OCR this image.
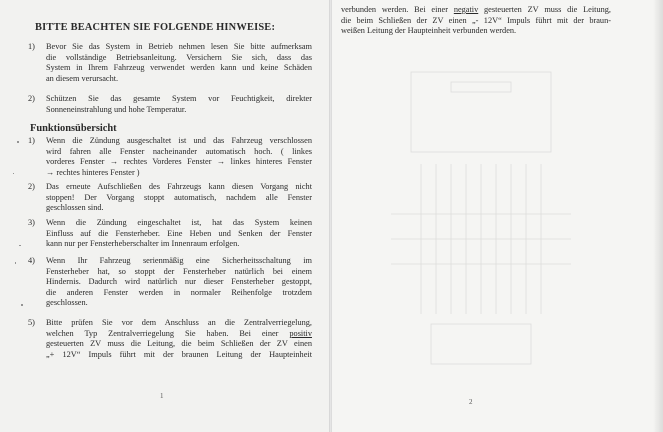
BITTE BEACHTEN SIE FOLGENDE HINWEISE:
1) Bevor Sie das System in Betrieb nehmen lesen Sie bitte aufmerksam
die vollständige Betriebsanleitung. Versichern Sie sich, dass das
System in Ihrem Fahrzeug verwendet werden kann und keine Schäden
an diesem verursacht.
2) Schützen Sie das gesamte System vor Feuchtigkeit, direkter
Sonneneinstrahlung und hohe Temperatur.
Funktionsübersicht
1) Wenn die Zündung ausgeschaltet ist und das Fahrzeug verschlossen
wird fahren alle Fenster nacheinander automatisch hoch. ( linkes
vorderes Fenster → rechtes Vorderes Fenster → linkes hinteres Fenster
→ rechtes hinteres Fenster )
2) Das erneute Aufschließen des Fahrzeugs kann diesen Vorgang nicht
stoppen! Der Vorgang stoppt automatisch, nachdem alle Fenster
geschlossen sind.
3) Wenn die Zündung eingeschaltet ist, hat das System keinen
Einfluss auf die Fensterheber. Eine Heben und Senken der Fenster
kann nur per Fensterheberschalter im Innenraum erfolgen.
4) Wenn Ihr Fahrzeug serienmäßig eine Sicherheitsschaltung im
Fensterheber hat, so stoppt der Fensterheber natürlich bei einem
Hindernis. Dadurch wird natürlich nur dieser Fensterheber gestoppt,
die anderen Fenster werden in normaler Reihenfolge trotzdem
geschlossen.
5) Bitte prüfen Sie vor dem Anschluss an die Zentralverriegelung,
welchen Typ Zentralverriegelung Sie haben. Bei einer positiv
gesteuerten ZV muss die Leitung, die beim Schließen der ZV einen
„+ 12V“ Impuls führt mit der braunen Leitung der Haupteinheit
1
verbunden werden. Bei einer negativ gesteuerten ZV muss die Leitung,
die beim Schließen der ZV einen „- 12V“ Impuls führt mit der braun-
weißen Leitung der Haupteinheit verbunden werden.
2
